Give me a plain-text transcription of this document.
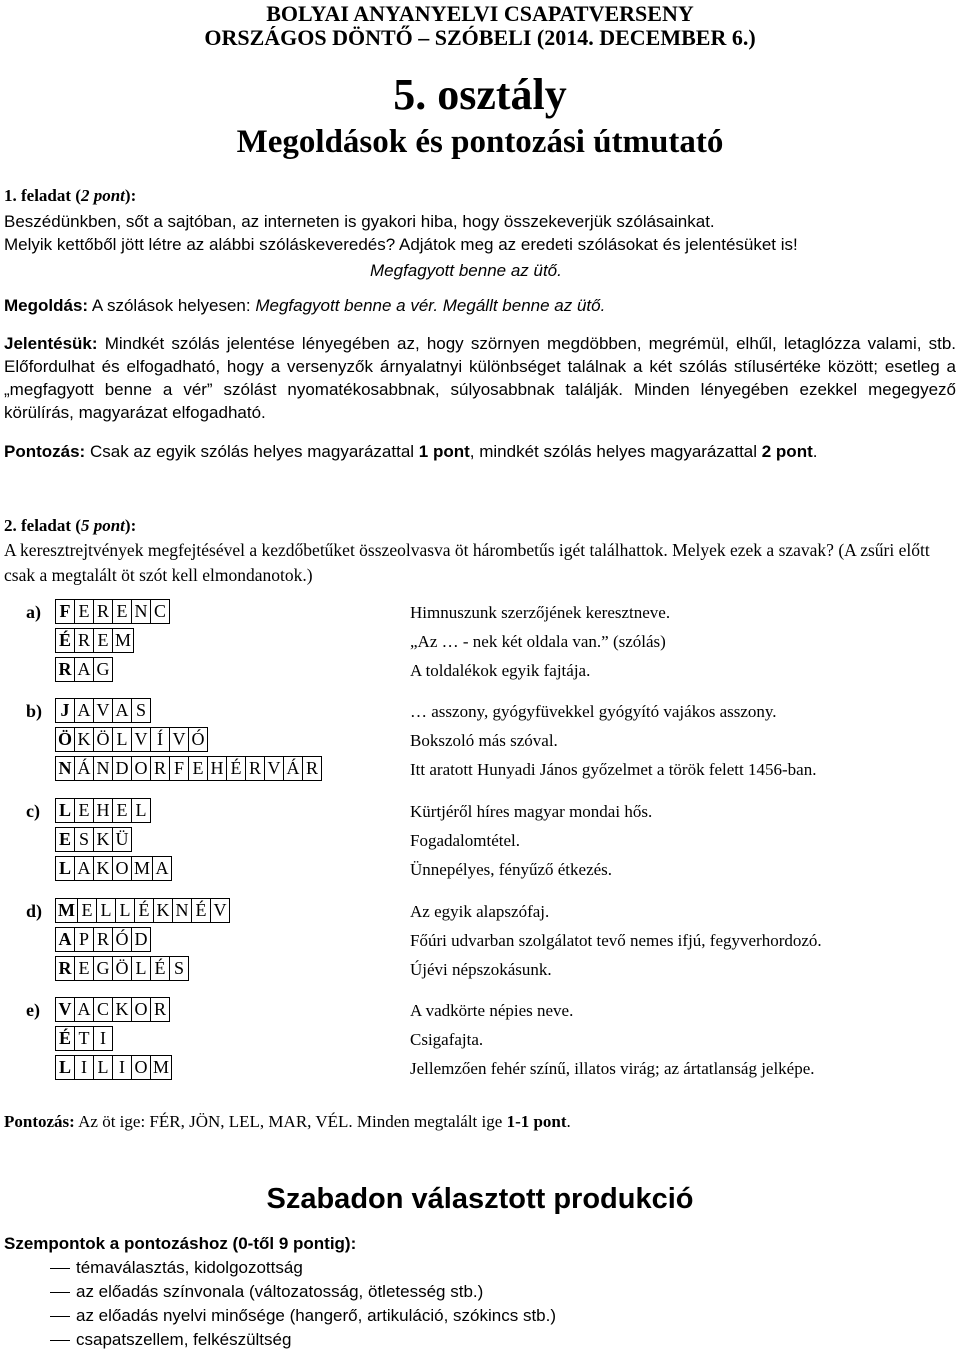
BOLYAI ANYANYELVI CSAPATVERSENY
ORSZÁGOS DÖNTŐ – SZÓBELI (2014. DECEMBER 6.)
5. osztály
Megoldások és pontozási útmutató
1. feladat (2 pont):
Beszédünkben, sőt a sajtóban, az interneten is gyakori hiba, hogy összekeverjük szólásainkat.
Melyik kettőből jött létre az alábbi szóláskeveredés? Adjátok meg az eredeti szólásokat és jelentésüket is!
Megfagyott benne az ütő.
Megoldás: A szólások helyesen: Megfagyott benne a vér. Megállt benne az ütő.
Jelentésük: Mindkét szólás jelentése lényegében az, hogy szörnyen megdöbben, megrémül, elhűl, letaglózza valami, stb. Előfordulhat és elfogadható, hogy a versenyzők árnyalatnyi különbséget találnak a két szólás stílusértéke között; esetleg a „megfagyott benne a vér” szólást nyomatékosabbnak, súlyosabbnak találják. Minden lényegében ezekkel megegyező körülírás, magyarázat elfogadható.
Pontozás: Csak az egyik szólás helyes magyarázattal 1 pont, mindkét szólás helyes magyarázattal 2 pont.
2. feladat (5 pont):
A keresztrejtvények megfejtésével a kezdőbetűket összeolvasva öt hárombetűs igét találhattok. Melyek ezek a szavak? (A zsűri előtt csak a megtalált öt szót kell elmondanotok.)
a) F E R E N C	Himnuszunk szerzőjének keresztneve.
É R E M	„Az … - nek két oldala van.” (szólás)
R A G	A toldalékok egyik fajtája.
b)	J A V A S	… asszony, gyógyfüvekkel gyógyító vajákos asszony.
Ö K Ö L V Í V Ó	Bokszoló más szóval.
N Á N D O R F E H É R V Á R	Itt aratott Hunyadi János győzelmet a török felett 1456-ban.
c) L E H E L	Kürtjéről híres magyar mondai hős.
E S K Ü	Fogadalomtétel.
L A K O M A	Ünnepélyes, fényűző étkezés.
d) M E L L É K N É V	Az egyik alapszófaj.
A P R Ó D	Főúri udvarban szolgálatot tevő nemes ifjú, fegyverhordozó.
R E G Ö L É S	Újévi népszokásunk.
e) V A C K O R	A vadkörte népies neve.
É T I	Csigafajta.
L I L I O M	Jellemzően fehér színű, illatos virág; az ártatlanság jelképe.
Pontozás: Az öt ige: FÉR, JÖN, LEL, MAR, VÉL. Minden megtalált ige 1-1 pont.
Szabadon választott produkció
Szempontok a pontozáshoz (0-től 9 pontig):
témaválasztás, kidolgozottság
az előadás színvonala (változatosság, ötletesség stb.)
az előadás nyelvi minősége (hangerő, artikuláció, szókincs stb.)
csapatszellem, felkészültség
